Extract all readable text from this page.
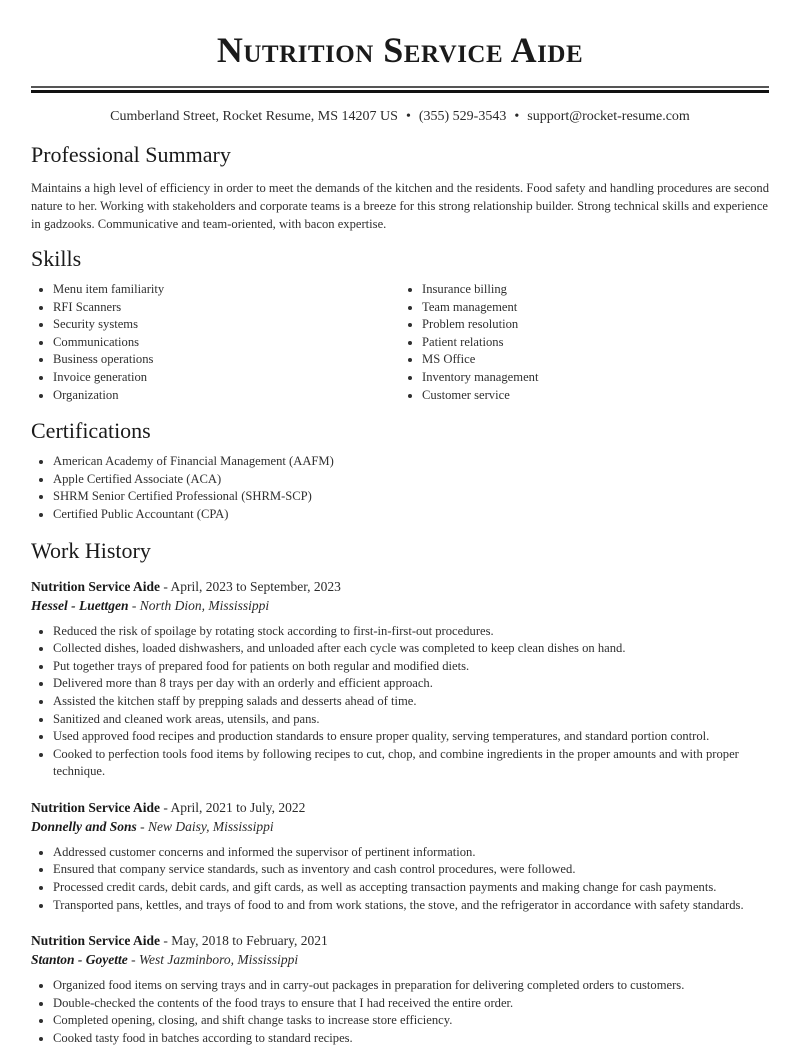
Nutrition Service Aide
Cumberland Street, Rocket Resume, MS 14207 US • (355) 529-3543 • support@rocket-resume.com
Professional Summary

Maintains a high level of efficiency in order to meet the demands of the kitchen and the residents. Food safety and handling procedures are second nature to her. Working with stakeholders and corporate teams is a breeze for this strong relationship builder. Strong technical skills and experience in gadzooks. Communicative and team-oriented, with bacon expertise.

Skills
• Menu item familiarity
• RFI Scanners
• Security systems
• Communications
• Business operations
• Invoice generation
• Organization
• Insurance billing
• Team management
• Problem resolution
• Patient relations
• MS Office
• Inventory management
• Customer service
Certifications
• American Academy of Financial Management (AAFM)
• Apple Certified Associate (ACA)
• SHRM Senior Certified Professional (SHRM-SCP)
• Certified Public Accountant (CPA)
Work History
Nutrition Service Aide - April, 2023 to September, 2023
Hessel - Luettgen - North Dion, Mississippi
• Reduced the risk of spoilage by rotating stock according to first-in-first-out procedures.
• Collected dishes, loaded dishwashers, and unloaded after each cycle was completed to keep clean dishes on hand.
• Put together trays of prepared food for patients on both regular and modified diets.
• Delivered more than 8 trays per day with an orderly and efficient approach.
• Assisted the kitchen staff by prepping salads and desserts ahead of time.
• Sanitized and cleaned work areas, utensils, and pans.
• Used approved food recipes and production standards to ensure proper quality, serving temperatures, and standard portion control.
• Cooked to perfection tools food items by following recipes to cut, chop, and combine ingredients in the proper amounts and with proper technique.
Nutrition Service Aide - April, 2021 to July, 2022
Donnelly and Sons - New Daisy, Mississippi
• Addressed customer concerns and informed the supervisor of pertinent information.
• Ensured that company service standards, such as inventory and cash control procedures, were followed.
• Processed credit cards, debit cards, and gift cards, as well as accepting transaction payments and making change for cash payments.
• Transported pans, kettles, and trays of food to and from work stations, the stove, and the refrigerator in accordance with safety standards.
Nutrition Service Aide - May, 2018 to February, 2021
Stanton - Goyette - West Jazminboro, Mississippi
• Organized food items on serving trays and in carry-out packages in preparation for delivering completed orders to customers.
• Double-checked the contents of the food trays to ensure that I had received the entire order.
• Completed opening, closing, and shift change tasks to increase store efficiency.
• Cooked tasty food in batches according to standard recipes.
